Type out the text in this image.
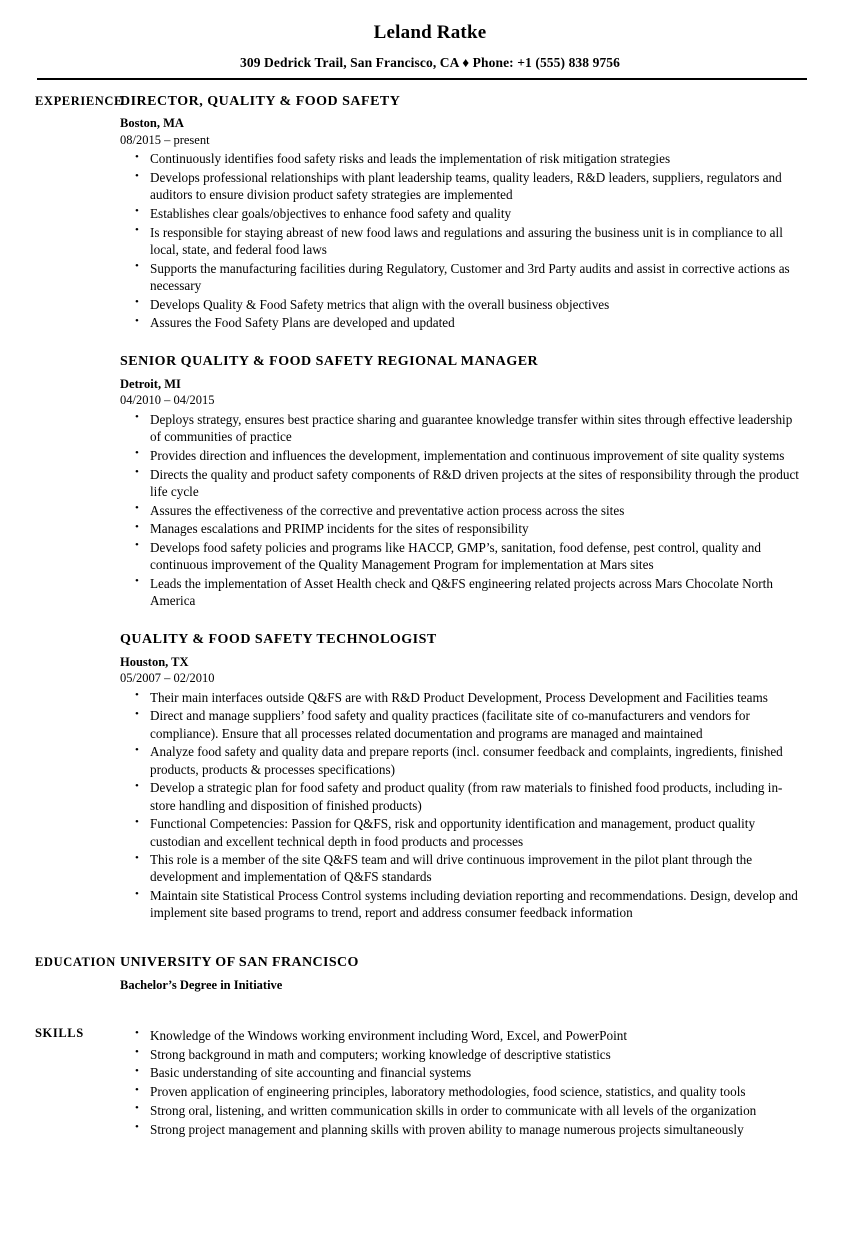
Leland Ratke
309 Dedrick Trail, San Francisco, CA ♦ Phone: +1 (555) 838 9756
EXPERIENCE
DIRECTOR, QUALITY & FOOD SAFETY
Boston, MA
08/2015 – present
• Continuously identifies food safety risks and leads the implementation of risk mitigation strategies
• Develops professional relationships with plant leadership teams, quality leaders, R&D leaders, suppliers, regulators and auditors to ensure division product safety strategies are implemented
• Establishes clear goals/objectives to enhance food safety and quality
• Is responsible for staying abreast of new food laws and regulations and assuring the business unit is in compliance to all local, state, and federal food laws
• Supports the manufacturing facilities during Regulatory, Customer and 3rd Party audits and assist in corrective actions as necessary
• Develops Quality & Food Safety metrics that align with the overall business objectives
• Assures the Food Safety Plans are developed and updated
SENIOR QUALITY & FOOD SAFETY REGIONAL MANAGER
Detroit, MI
04/2010 – 04/2015
• Deploys strategy, ensures best practice sharing and guarantee knowledge transfer within sites through effective leadership of communities of practice
• Provides direction and influences the development, implementation and continuous improvement of site quality systems
• Directs the quality and product safety components of R&D driven projects at the sites of responsibility through the product life cycle
• Assures the effectiveness of the corrective and preventative action process across the sites
• Manages escalations and PRIMP incidents for the sites of responsibility
• Develops food safety policies and programs like HACCP, GMP’s, sanitation, food defense, pest control, quality and continuous improvement of the Quality Management Program for implementation at Mars sites
• Leads the implementation of Asset Health check and Q&FS engineering related projects across Mars Chocolate North America
QUALITY & FOOD SAFETY TECHNOLOGIST
Houston, TX
05/2007 – 02/2010
• Their main interfaces outside Q&FS are with R&D Product Development, Process Development and Facilities teams
• Direct and manage suppliers’ food safety and quality practices (facilitate site of co-manufacturers and vendors for compliance). Ensure that all processes related documentation and programs are managed and maintained
• Analyze food safety and quality data and prepare reports (incl. consumer feedback and complaints, ingredients, finished products, products & processes specifications)
• Develop a strategic plan for food safety and product quality (from raw materials to finished food products, including in-store handling and disposition of finished products)
• Functional Competencies: Passion for Q&FS, risk and opportunity identification and management, product quality custodian and excellent technical depth in food products and processes
• This role is a member of the site Q&FS team and will drive continuous improvement in the pilot plant through the development and implementation of Q&FS standards
• Maintain site Statistical Process Control systems including deviation reporting and recommendations. Design, develop and implement site based programs to trend, report and address consumer feedback information
EDUCATION UNIVERSITY OF SAN FRANCISCO
Bachelor’s Degree in Initiative
SKILLS	• Knowledge of the Windows working environment including Word, Excel, and PowerPoint
• Strong background in math and computers; working knowledge of descriptive statistics
• Basic understanding of site accounting and financial systems
• Proven application of engineering principles, laboratory methodologies, food science, statistics, and quality tools
• Strong oral, listening, and written communication skills in order to communicate with all levels of the organization
• Strong project management and planning skills with proven ability to manage numerous projects simultaneously
